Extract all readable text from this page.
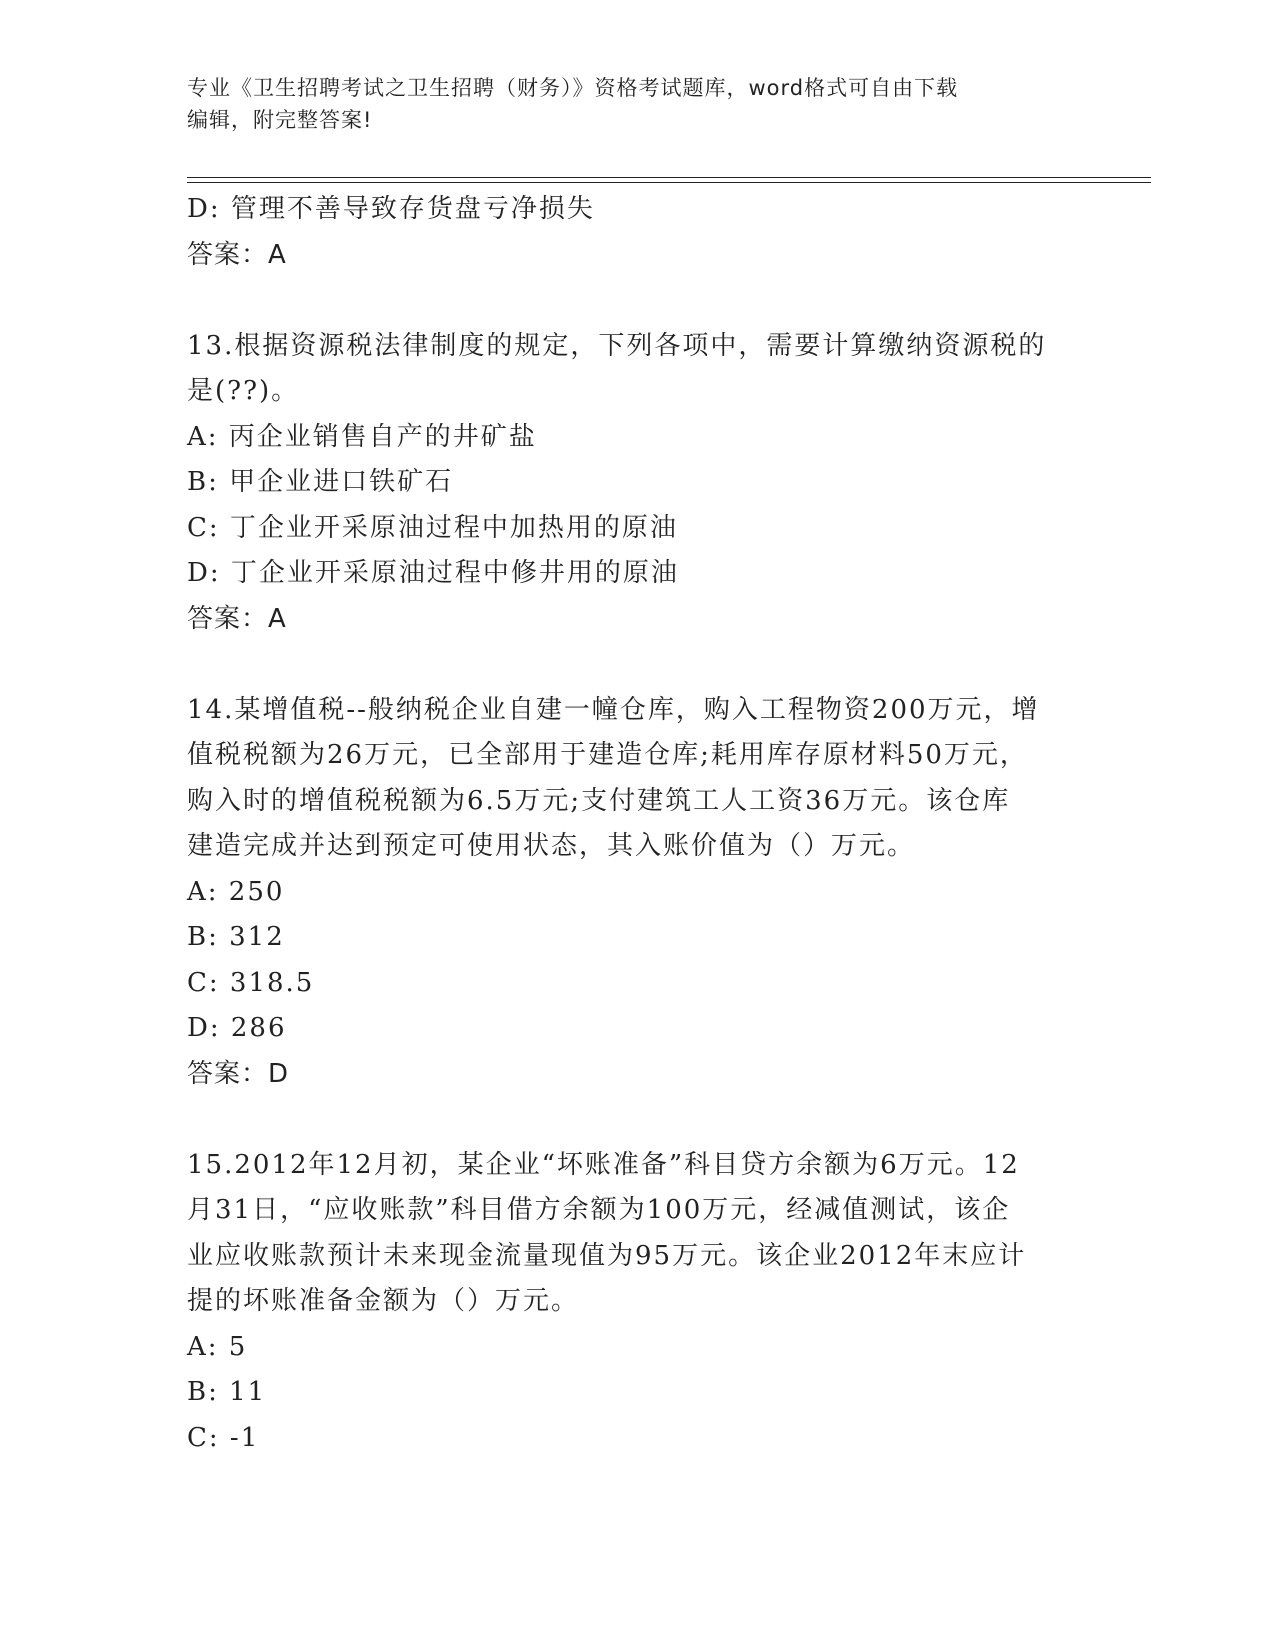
专业《卫生招聘考试之卫生招聘（财务）》资格考试题库，word格式可自由下载
编辑，附完整答案!
D: 管理不善导致存货盘亏净损失
答案：A
13.根据资源税法律制度的规定，下列各项中，需要计算缴纳资源税的
是(??)。
A: 丙企业销售自产的井矿盐
B: 甲企业进口铁矿石
C: 丁企业开采原油过程中加热用的原油
D: 丁企业开采原油过程中修井用的原油
答案：A
14.某增值税--般纳税企业自建一幢仓库，购入工程物资200万元，增
值税税额为26万元，已全部用于建造仓库;耗用库存原材料50万元，
购入时的增值税税额为6.5万元;支付建筑工人工资36万元。该仓库
建造完成并达到预定可使用状态，其入账价值为（）万元。
A: 250
B: 312
C: 318.5
D: 286
答案：D
15.2012年12月初，某企业“坏账准备”科目贷方余额为6万元。12
月31日，“应收账款”科目借方余额为100万元，经减值测试，该企
业应收账款预计未来现金流量现值为95万元。该企业2012年末应计
提的坏账准备金额为（）万元。
A: 5
B: 11
C: -1
